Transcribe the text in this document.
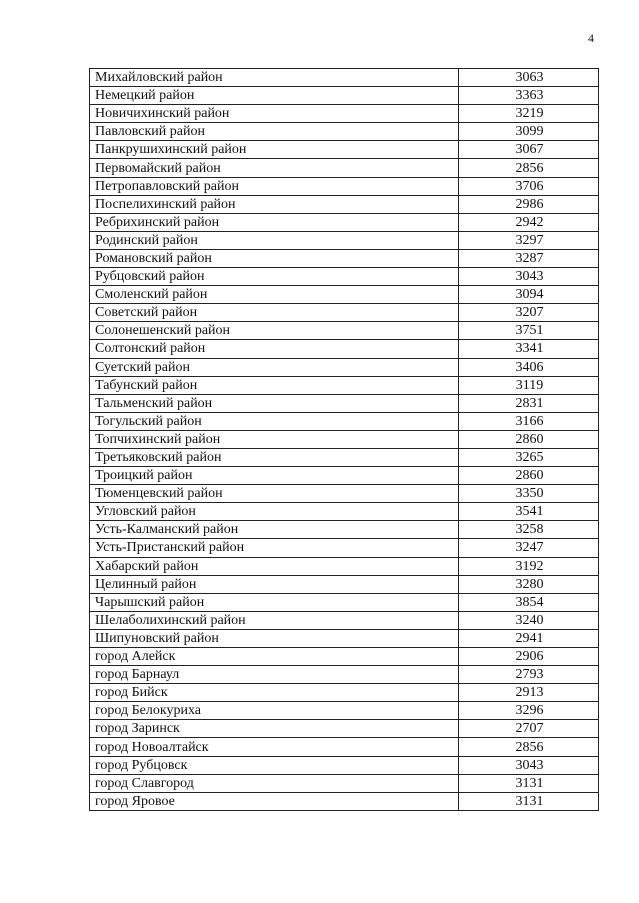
4
Михайловский район	3063
Немецкий район	3363
Новичихинский район	3219
Павловский район	3099
Панкрушихинский район	3067
Первомайский район	2856
Петропавловский район	3706
Поспелихинский район	2986
Ребрихинский район	2942
Родинский район	3297
Романовский район	3287
Рубцовский район	3043
Смоленский район	3094
Советский район	3207
Солонешенский район	3751
Солтонский район	3341
Суетский район	3406
Табунский район	3119
Тальменский район	2831
Тогульский район	3166
Топчихинский район	2860
Третьяковский район	3265
Троицкий район	2860
Тюменцевский район	3350
Угловский район	3541
Усть-Калманский район	3258
Усть-Пристанский район	3247
Хабарский район	3192
Целинный район	3280
Чарышский район	3854
Шелаболихинский район	3240
Шипуновский район	2941
город Алейск	2906
город Барнаул	2793
город Бийск	2913
город Белокуриха	3296
город Заринск	2707
город Новоалтайск	2856
город Рубцовск	3043
город Славгород	3131
город Яровое	3131
